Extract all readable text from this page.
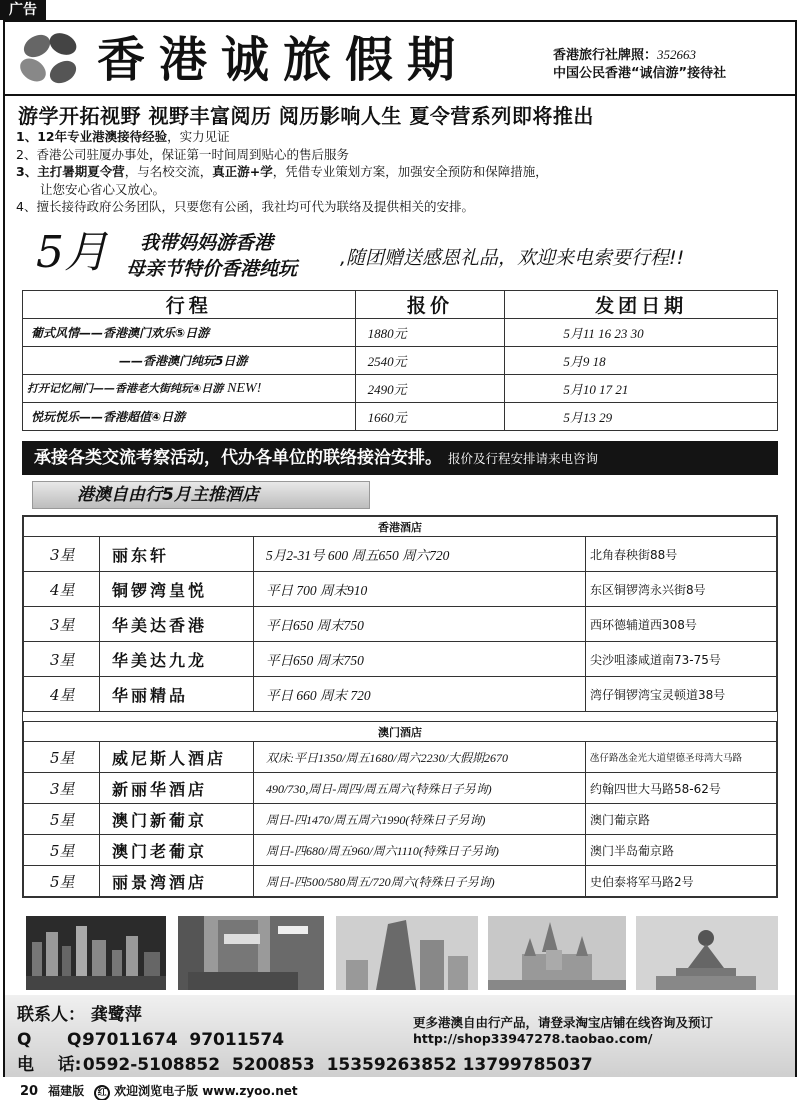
广告
香港诚旅假期	香港旅行社牌照：352663
中国公民香港“诚信游”接待社
游学开拓视野 视野丰富阅历 阅历影响人生 夏令营系列即将推出

1、12年专业港澳接待经验，实力见证

2、香港公司驻厦办事处，保证第一时间周到贴心的售后服务

3、主打暑期夏令营，与名校交流，真正游+学，凭借专业策划方案，加强安全预防和保障措施，

让您安心省心又放心。

4、擅长接待政府公务团队，只要您有公函，我社均可代为联络及提供相关的安排。

5月 我带妈妈游香港
母亲节特价香港纯玩 ,随团赠送感恩礼品，欢迎来电索要行程!!
行程	报价	发团日期
葡式风情——香港澳门欢乐⑤日游	1880元	5月11 16 23 30
——香港澳门纯玩5日游	2540元	5月9 18
打开记忆闸门——香港老大街纯玩④日游 NEW!	2490元	5月10 17 21
悦玩悦乐——香港超值④日游	1660元	5月13 29
承接各类交流考察活动，代办各单位的联络接洽安排。 报价及行程安排请来电咨询
港澳自由行5月主推酒店
香港酒店			
3星	丽东轩	5月2-31号 600 周五650 周六720	北角春秧街88号
4星	铜锣湾皇悦	平日 700 周末910	东区铜锣湾永兴街8号
3星	华美达香港	平日650 周末750	西环德辅道西308号
3星	华美达九龙	平日650 周末750	尖沙咀漆咸道南73-75号
4星	华丽精品	平日 660 周末 720	湾仔铜锣湾宝灵顿道38号

澳门酒店			
5星	威尼斯人酒店	双床:平日1350/周五1680/周六2230/大假期2670	氹仔路氹金光大道望德圣母湾大马路
3星	新丽华酒店	490/730,周日-周四/周五周六(特殊日子另询)	约翰四世大马路58-62号
5星	澳门新葡京	周日-四1470/周五周六1990(特殊日子另询)	澳门葡京路
5星	澳门老葡京	周日-四680/周五960/周六1110(特殊日子另询)	澳门半岛葡京路
5星	丽景湾酒店	周日-四500/580周五/720周六(特殊日子另询)	史伯泰将军马路2号
联系人： 龚鹭萍
Q      Q: 97011674  97011574
电    话: 0592-5108852  5200853  15359263852 13799785037
更多港澳自由行产品，请登录淘宝店铺在线咨询及预订
http://shop33947278.taobao.com/
20 福建版 红 欢迎浏览电子版 www.zyoo.net
